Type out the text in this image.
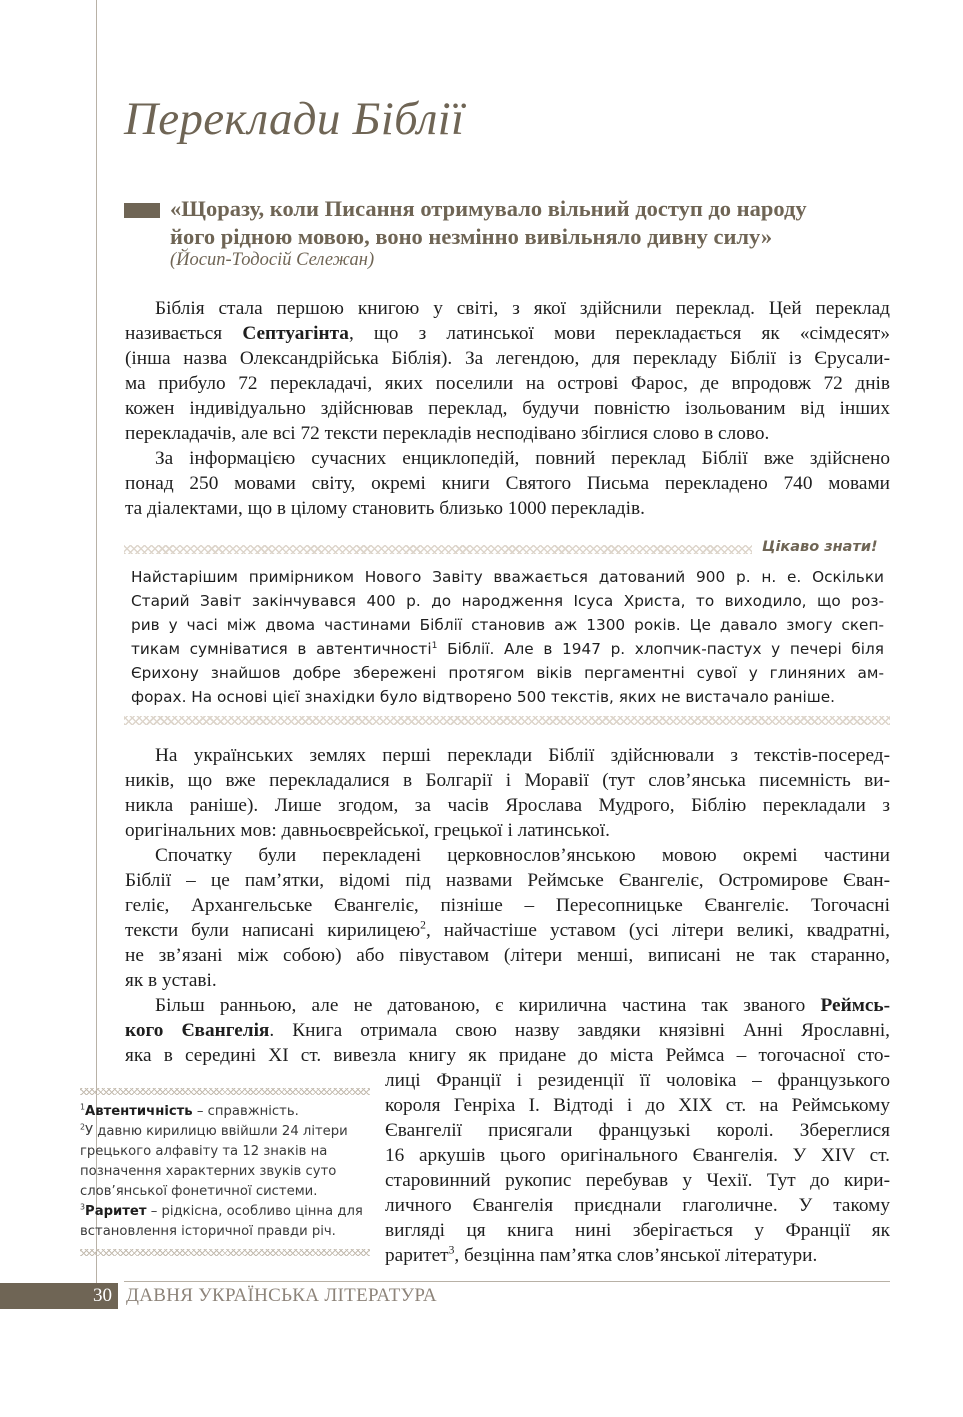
Переклади Біблії

«Щоразу, коли Писання отримувало вільний доступ до народу

його рідною мовою, воно незмінно вивільняло дивну силу»

(Йосип-Тодосій Сележан)

Біблія стала першою книгою у світі, з якої здійснили переклад. Цей переклад

називається Септуагінта, що з латинської мови перекладається як «сімдесят»

(інша назва Олександрійська Біблія). За легендою, для перекладу Біблії із Єрусали-

ма прибуло 72 перекладачі, яких поселили на острові Фарос, де впродовж 72 днів

кожен індивідуально здійснював переклад, будучи повністю ізольованим від інших

перекладачів, але всі 72 тексти перекладів несподівано збіглися слово в слово.

За інформацією сучасних енциклопедій, повний переклад Біблії вже здійснено

понад 250 мовами світу, окремі книги Святого Письма перекладено 740 мовами

та діалектами, що в цілому становить близько 1000 перекладів.

Цікаво знати!

Найстарішим примірником Нового Завіту вважається датований 900 р. н. е. Оскільки

Старий Завіт закінчувався 400 р. до народження Ісуса Христа, то виходило, що роз-

рив у часі між двома частинами Біблії становив аж 1300 років. Це давало змогу скеп-

тикам сумніватися в автентичності$^1$ Біблії. Але в 1947 р. хлопчик-пастух у печері біля

Єрихону знайшов добре збережені протягом віків пергаментні сувої у глиняних ам-

форах. На основі цієї знахідки було відтворено 500 текстів, яких не вистачало раніше.

На українських землях перші переклади Біблії здійснювали з текстів-посеред-

ників, що вже перекладалися в Болгарії і Моравії (тут слов’янська писемність ви-

никла раніше). Лише згодом, за часів Ярослава Мудрого, Біблію перекладали з

оригінальних мов: давньоєврейської, грецької і латинської.

Спочатку були перекладені церковнослов’янською мовою окремі частини

Біблії – це пам’ятки, відомі під назвами Реймське Євангеліє, Остромирове Єван-

геліє, Архангельське Євангеліє, пізніше – Пересопницьке Євангеліє. Тогочасні

тексти були написані кирилицею$^2$, найчастіше уставом (усі літери великі, квадратні,

не зв’язані між собою) або півуставом (літери менші, виписані не так старанно,

як в уставі.

Більш ранньою, але не датованою, є кирилична частина так званого Реймсь-

кого Євангелія. Книга отримала свою назву завдяки князівні Анні Ярославні,

яка в середині XI ст. вивезла книгу як придане до міста Реймса – тогочасної сто-

лиці Франції і резиденції її чоловіка – французького

короля Генріха І. Відтоді і до ХІХ ст. на Реймському

Євангелії присягали французькі королі. Збереглися

16 аркушів цього оригінального Євангелія. У ХІV ст.

старовинний рукопис перебував у Чехії. Тут до кири-

личного Євангелія приєднали глаголичне. У такому

вигляді ця книга нині зберігається у Франції як

раритет$^3$, безцінна пам’ятка слов’янської літератури.

$^1$Автентичність – справжність.

$^2$У давню кирилицю ввійшли 24 літери

грецького алфавіту та 12 знаків на

позначення характерних звуків суто

слов’янської фонетичної системи.

$^3$Раритет – рідкісна, особливо цінна для

встановлення історичної правди річ.

30 ДАВНЯ УКРАЇНСЬКА ЛІТЕРАТУРА
